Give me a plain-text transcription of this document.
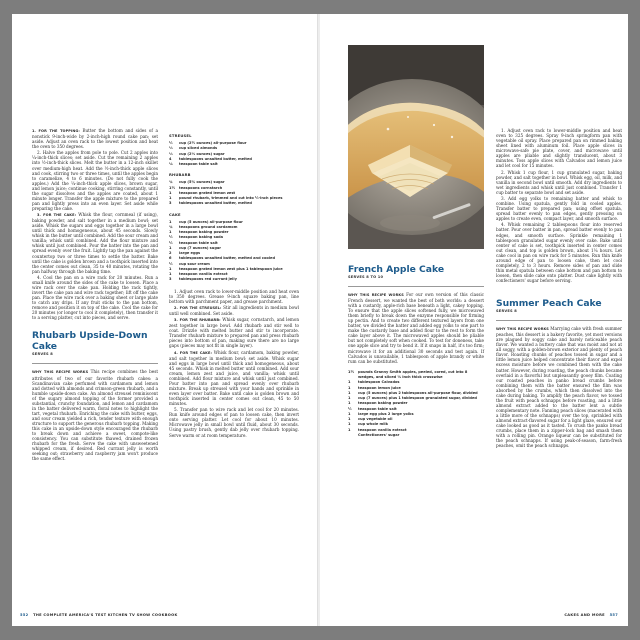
1. FOR THE TOPPING: Butter the bottom and sides of a nonstick 9-inch-wide by 2-inch-high round cake pan; set aside. Adjust an oven rack to the lowest position and heat the oven to 350 degrees.

2. Halve the apples from pole to pole. Cut 2 apples into ¼-inch-thick slices; set aside. Cut the remaining 2 apples into ½-inch-thick slices. Melt the butter in a 12-inch skillet over medium-high heat. Add the ½-inch-thick apple slices and cook, stirring two or three times, until the apples begin to caramelize, 4 to 6 minutes. (Do not fully cook the apples.) Add the ¼-inch-thick apple slices, brown sugar, and lemon juice; continue cooking, stirring constantly, until the sugar dissolves and the apples are coated, about 1 minute longer. Transfer the apple mixture to the prepared pan and lightly press into an even layer. Set aside while preparing the cake.

3. FOR THE CAKE: Whisk the flour, cornmeal (if using), baking powder, and salt together in a medium bowl; set aside. Whisk the sugars and eggs together in a large bowl until thick and homogeneous, about 45 seconds. Slowly whisk in the butter until combined. Add the sour cream and vanilla; whisk until combined. Add the flour mixture and whisk until just combined. Pour the batter into the pan and spread evenly over the fruit. Lightly tap the pan against the countertop two or three times to settle the batter. Bake until the cake is golden brown and a toothpick inserted into the center comes out clean, 35 to 40 minutes, rotating the pan halfway through the baking time.

4. Cool the pan on a wire rack for 20 minutes. Run a small knife around the sides of the cake to loosen. Place a wire rack over the cake pan. Holding the rack tightly, invert the cake pan and wire rack together; lift off the cake pan. Place the wire rack over a baking sheet or large plate to catch any drips. If any fruit sticks to the pan bottom, remove and position it on top of the cake. Cool the cake for 20 minutes (or longer to cool it completely), then transfer it to a serving platter, cut into pieces, and serve.

Rhubarb Upside-Down Cake
SERVES 8

WHY THIS RECIPE WORKS This recipe combines the best attributes of two of our favorite rhubarb cakes: a Scandinavian cake perfumed with cardamom and lemon and dotted with almonds and crimson-green rhubarb, and a humble upside-down cake. An almond streusel reminiscent of the sugary almond topping of the former provided a substantial, crunchy foundation, and lemon and cardamom in the batter delivered warm, floral notes to highlight the tart, vegetal rhubarb. Enriching the cake with butter, eggs, and sour cream yielded a rich, tender texture with enough structure to support the generous rhubarb topping. Making this cake in an upside-down style encouraged the rhubarb to break down and achieve a sweet, compote-like consistency. You can substitute thawed, drained frozen rhubarb for the fresh. Serve the cake with unsweetened whipped cream, if desired. Red currant jelly is worth seeking out; strawberry and raspberry jam won't produce the same effect.

STREUSEL
½	cup (2½ ounces) all-purpose flour
⅓	cup sliced almonds
⅓	cup (2⅓ ounces) sugar
4	tablespoons unsalted butter, melted
⅛	teaspoon table salt
RHUBARB
¾	cup (5¼ ounces) sugar
1½	teaspoons cornstarch
1	teaspoon grated lemon zest
1	pound rhubarb, trimmed and cut into ½-inch pieces
3	tablespoons unsalted butter, melted
CAKE
1	cup (5 ounces) all-purpose flour
¾	teaspoons ground cardamom
1	teaspoon baking powder
½	teaspoon baking soda
½	teaspoon table salt
1	cup (7 ounces) sugar
2	large eggs
6	tablespoons unsalted butter, melted and cooled
½	cup sour cream
1	teaspoon grated lemon zest plus 1 tablespoon juice
1	teaspoon vanilla extract
3	tablespoons red currant jelly

1. Adjust oven rack to lower-middle position and heat oven to 350 degrees. Grease 9-inch square baking pan, line bottom with parchment paper, and grease parchment.

2. FOR THE STREUSEL: Stir all ingredients in medium bowl until well combined. Set aside.

3. FOR THE RHUBARB: Whisk sugar, cornstarch, and lemon zest together in large bowl. Add rhubarb and stir well to coat. Drizzle with melted butter and stir to incorporate. Transfer rhubarb mixture to prepared pan and press rhubarb pieces into bottom of pan, making sure there are no large gaps (pieces may not fit in single layer).

4. FOR THE CAKE: Whisk flour, cardamom, baking powder, and salt together in medium bowl; set aside. Whisk sugar and eggs in large bowl until thick and homogeneous, about 45 seconds. Whisk in melted butter until combined. Add sour cream, lemon zest and juice, and vanilla; whisk until combined. Add flour mixture and whisk until just combined. Pour batter into pan and spread evenly over rhubarb mixture. Break up streusel with your hands and sprinkle in even layer over batter. Bake until cake is golden brown and toothpick inserted in center comes out clean, 45 to 50 minutes.

5. Transfer pan to wire rack and let cool for 20 minutes. Run knife around edges of pan to loosen cake, then invert onto serving platter. Let cool for about 10 minutes. Microwave jelly in small bowl until fluid, about 30 seconds. Using pastry brush, gently dab jelly over rhubarb topping. Serve warm or at room temperature.

552 THE COMPLETE AMERICA'S TEST KITCHEN TV SHOW COOKBOOK
French Apple Cake
SERVES 8 TO 10

WHY THIS RECIPE WORKS For our own version of this classic French dessert, we wanted the best of both worlds: a dessert with a custardy, apple-rich base beneath a light, cakey topping. To ensure that the apple slices softened fully, we microwaved them briefly to break down the enzyme responsible for firming up pectin. And to create two different textured layers from one batter, we divided the batter and added egg yolks to one part to make the custardy base and added flour to the rest to form the cake layer above it. The microwaved apples should be pliable but not completely soft when cooked. To test for doneness, take one apple slice and try to bend it. If it snaps in half, it's too firm; microwave it for an additional 30 seconds and test again. If Calvados is unavailable, 1 tablespoon of apple brandy or white rum can be substituted.

1½	pounds Granny Smith apples, peeled, cored, cut into 8 wedges, and sliced ⅛ inch thick crosswise
1	tablespoon Calvados
1	teaspoon lemon juice
1	cup (5 ounces) plus 2 tablespoons all-purpose flour, divided
1	cup (7 ounces) plus 1 tablespoon granulated sugar, divided
1	teaspoon baking powder
½	teaspoon table salt
1	large egg plus 2 large yolks
1	cup vegetable oil
1	cup whole milk
1	teaspoon vanilla extract
Confectioners' sugar

1. Adjust oven rack to lower-middle position and heat oven to 325 degrees. Spray 9-inch springform pan with vegetable oil spray. Place prepared pan on rimmed baking sheet lined with aluminum foil. Place apple slices in microwave-safe pie plate, cover, and microwave until apples are pliable and slightly translucent, about 3 minutes. Toss apple slices with Calvados and lemon juice and let cool for 15 minutes.

2. Whisk 1 cup flour, 1 cup granulated sugar, baking powder, and salt together in bowl. Whisk egg, oil, milk, and vanilla in second bowl until smooth. Add dry ingredients to wet ingredients and whisk until just combined. Transfer 1 cup batter to separate bowl and set aside.

3. Add egg yolks to remaining batter and whisk to combine. Using spatula, gently fold in cooled apples. Transfer batter to prepared pan; using offset spatula, spread batter evenly to pan edges, gently pressing on apples to create even, compact layer, and smooth surface.

4. Whisk remaining 2 tablespoons flour into reserved batter. Pour over batter in pan, spread batter evenly to pan edges, and smooth surface. Sprinkle remaining 1 tablespoon granulated sugar evenly over cake. Bake until center of cake is set, toothpick inserted in center comes out clean, and top is golden brown, about 1¼ hours. Let cake cool in pan on wire rack for 5 minutes. Run thin knife around edge of pan to loosen cake, then let cool completely, 2 to 3 hours. Remove sides of pan and slide thin metal spatula between cake bottom and pan bottom to loosen, then slide cake onto platter. Dust cake lightly with confectioners' sugar before serving.

Summer Peach Cake
SERVES 8

WHY THIS RECIPE WORKS Marrying cake with fresh summer peaches, this dessert is a bakery favorite, yet most versions are plagued by soggy cake and barely noticeable peach flavor. We wanted a buttery cake that was moist and not at all soggy, with a golden-brown exterior and plenty of peach flavor. Roasting chunks of peaches tossed in sugar and a little lemon juice helped concentrate their flavor and expel excess moisture before we combined them with the cake batter. However, during roasting, the peach chunks became overlaid in a flavorful but unpleasantly gooey film. Coating our roasted peaches in panko bread crumbs before combining them with the batter ensured the film was absorbed by the crumbs, which then dissolved into the cake during baking. To amplify the peach flavor, we tossed the fruit with peach schnapps before roasting, and a little almond extract added to the batter lent a subtle complementary note. Fanning peach slices (macerated with a little more of the schnapps) over the top, sprinkled with almond extract-flavored sugar for a light glaze, ensured our cake looked as good as it tasted. To crush the panko bread crumbs, place them in a zipper-lock bag and smash them with a rolling pin. Orange liqueur can be substituted for the peach schnapps. If using peak-of-season, farm-fresh peaches, omit the peach schnapps.

CAKES AND MORE 557
